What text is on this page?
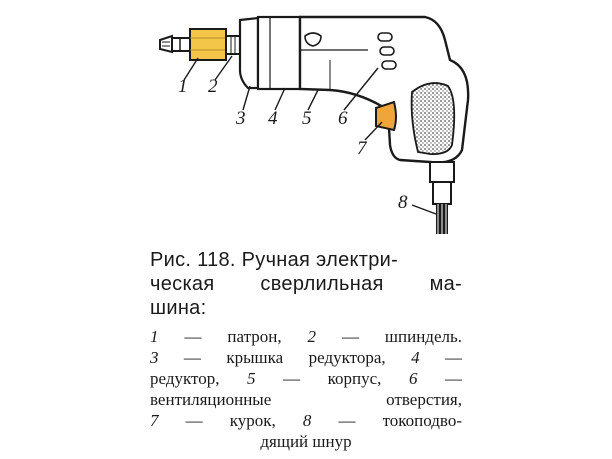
1 2
3 4 5 6
7
8
Рис. 118. Ручная электри-
ческая сверлильная ма-
шина:
1 — патрон, 2 — шпиндель.
3 — крышка редуктора, 4 —
редуктор, 5 — корпус, 6 —
вентиляционные отверстия,
7 — курок, 8 — токоподво-
дящий шнур
